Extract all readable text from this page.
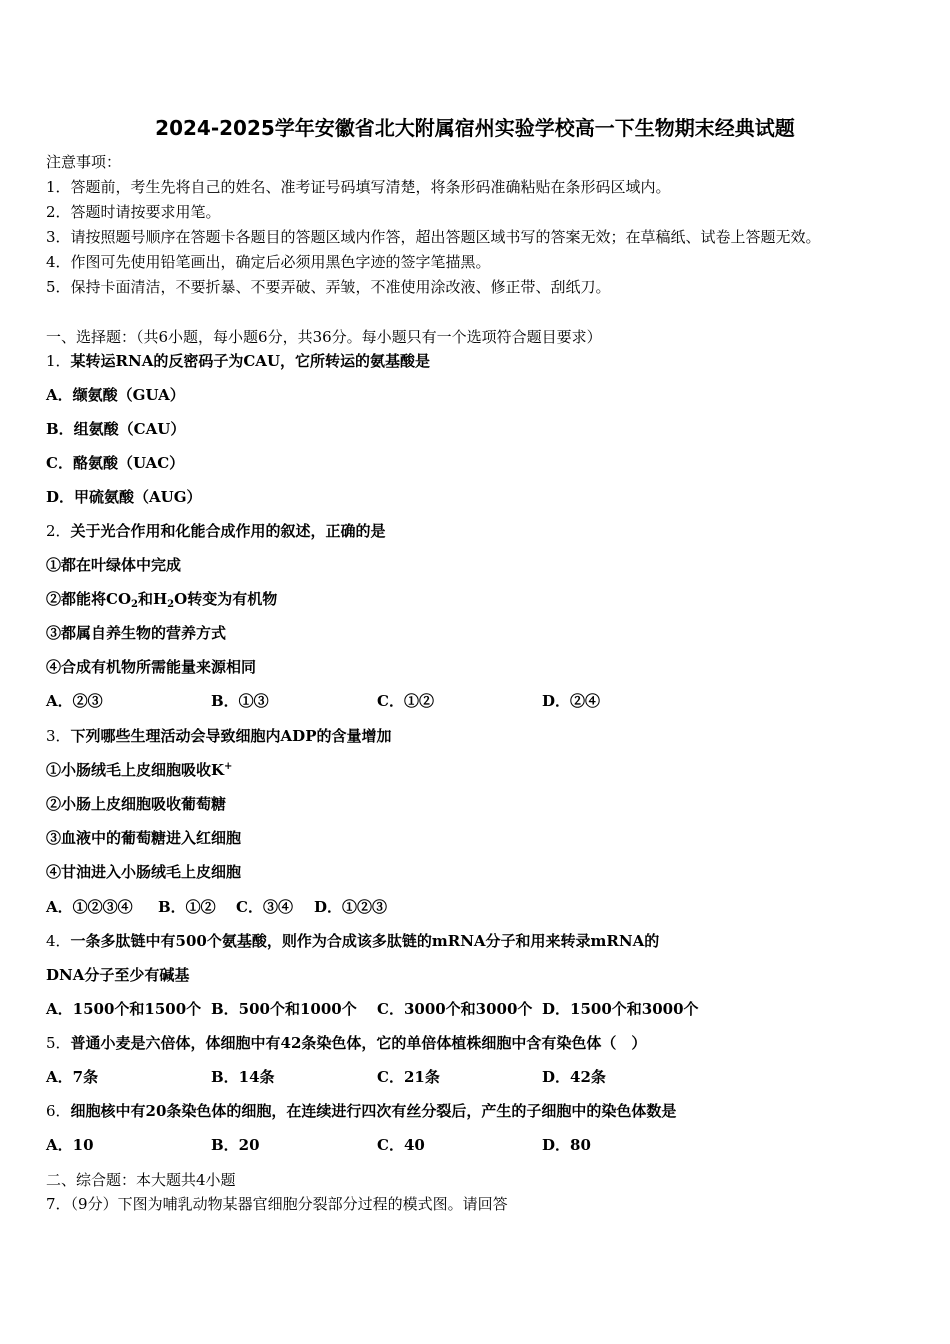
2024-2025学年安徽省北大附属宿州实验学校高一下生物期末经典试题
注意事项：
1．答题前，考生先将自己的姓名、准考证号码填写清楚，将条形码准确粘贴在条形码区域内。
2．答题时请按要求用笔。
3．请按照题号顺序在答题卡各题目的答题区域内作答，超出答题区域书写的答案无效；在草稿纸、试卷上答题无效。
4．作图可先使用铅笔画出，确定后必须用黑色字迹的签字笔描黑。
5．保持卡面清洁，不要折暴、不要弄破、弄皱，不准使用涂改液、修正带、刮纸刀。
一、选择题：（共6小题，每小题6分，共36分。每小题只有一个选项符合题目要求）
1．某转运RNA的反密码子为CAU，它所转运的氨基酸是
A．缬氨酸（GUA）
B．组氨酸（CAU）
C．酪氨酸（UAC）
D．甲硫氨酸（AUG）
2．关于光合作用和化能合成作用的叙述，正确的是
①都在叶绿体中完成
②都能将$CO_2$和$H_2O$转变为有机物
③都属自养生物的营养方式
④合成有机物所需能量来源相同
A．②③	B．①③	C．①②	D．②④
3．下列哪些生理活动会导致细胞内ADP的含量增加
①小肠绒毛上皮细胞吸收K+
②小肠上皮细胞吸收葡萄糖
③血液中的葡萄糖进入红细胞
④甘油进入小肠绒毛上皮细胞
A．①②③④ B．①② C．③④ D．①②③
4．一条多肽链中有500个氨基酸，则作为合成该多肽链的mRNA分子和用来转录mRNA的
DNA分子至少有碱基
A．1500个和1500个 B．500个和1000个 C．3000个和3000个 D．1500个和3000个
5．普通小麦是六倍体，体细胞中有42条染色体，它的单倍体植株细胞中含有染色体（　）
A．7条	B．14条	C．21条	D．42条
6．细胞核中有20条染色体的细胞，在连续进行四次有丝分裂后，产生的子细胞中的染色体数是
A．10	B．20	C．40	D．80
二、综合题：本大题共4小题
7．（9分）下图为哺乳动物某器官细胞分裂部分过程的模式图。请回答
